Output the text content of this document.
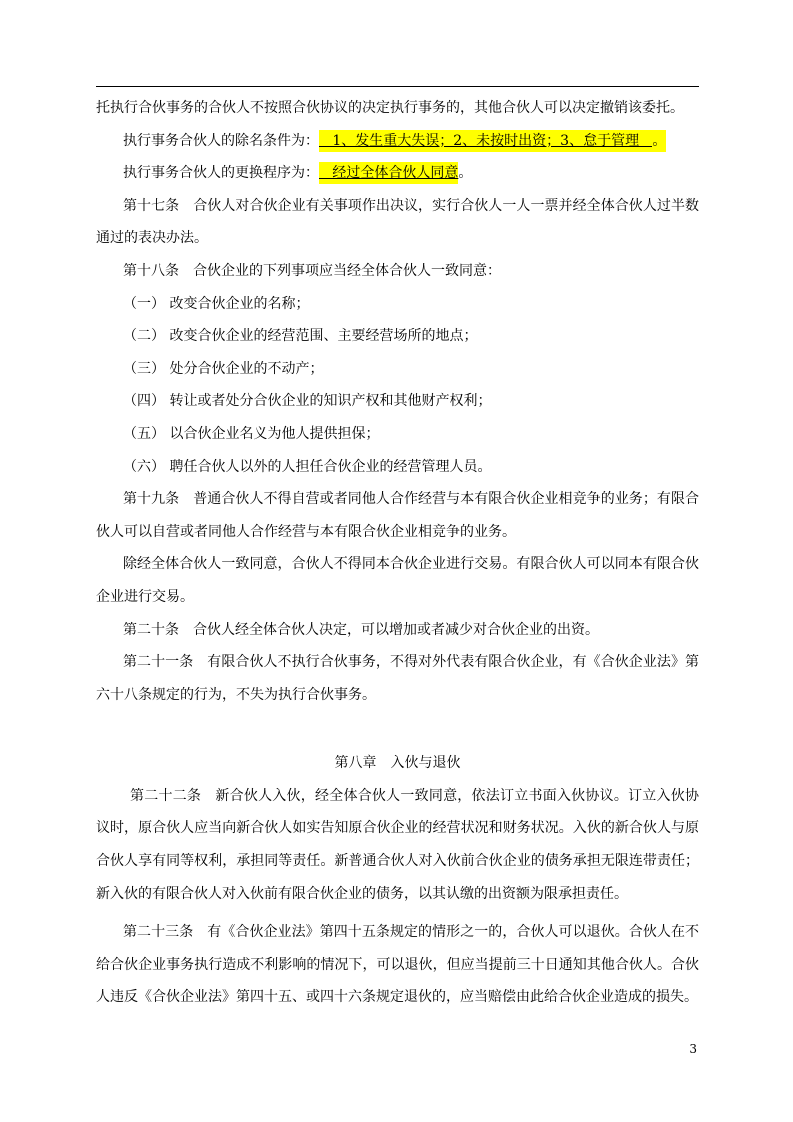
托执行合伙事务的合伙人不按照合伙协议的决定执行事务的，其他合伙人可以决定撤销该委托。

执行事务合伙人的除名条件为：   1、发生重大失误；2、未按时出资；3、怠于管理   。

执行事务合伙人的更换程序为：   经过全体合伙人同意。

第十七条　合伙人对合伙企业有关事项作出决议，实行合伙人一人一票并经全体合伙人过半数通过的表决办法。

第十八条　合伙企业的下列事项应当经全体合伙人一致同意：

（一） 改变合伙企业的名称；

（二） 改变合伙企业的经营范围、主要经营场所的地点；

（三） 处分合伙企业的不动产；

（四） 转让或者处分合伙企业的知识产权和其他财产权利；

（五） 以合伙企业名义为他人提供担保；

（六） 聘任合伙人以外的人担任合伙企业的经营管理人员。

第十九条　普通合伙人不得自营或者同他人合作经营与本有限合伙企业相竞争的业务；有限合伙人可以自营或者同他人合作经营与本有限合伙企业相竞争的业务。

除经全体合伙人一致同意，合伙人不得同本合伙企业进行交易。有限合伙人可以同本有限合伙企业进行交易。

第二十条　合伙人经全体合伙人决定，可以增加或者减少对合伙企业的出资。

第二十一条　有限合伙人不执行合伙事务，不得对外代表有限合伙企业，有《合伙企业法》第六十八条规定的行为，不失为执行合伙事务。

第八章　入伙与退伙

第二十二条　新合伙人入伙，经全体合伙人一致同意，依法订立书面入伙协议。订立入伙协议时，原合伙人应当向新合伙人如实告知原合伙企业的经营状况和财务状况。入伙的新合伙人与原合伙人享有同等权利，承担同等责任。新普通合伙人对入伙前合伙企业的债务承担无限连带责任；新入伙的有限合伙人对入伙前有限合伙企业的债务，以其认缴的出资额为限承担责任。

第二十三条　有《合伙企业法》第四十五条规定的情形之一的，合伙人可以退伙。合伙人在不给合伙企业事务执行造成不利影响的情况下，可以退伙，但应当提前三十日通知其他合伙人。合伙人违反《合伙企业法》第四十五、或四十六条规定退伙的，应当赔偿由此给合伙企业造成的损失。

3
